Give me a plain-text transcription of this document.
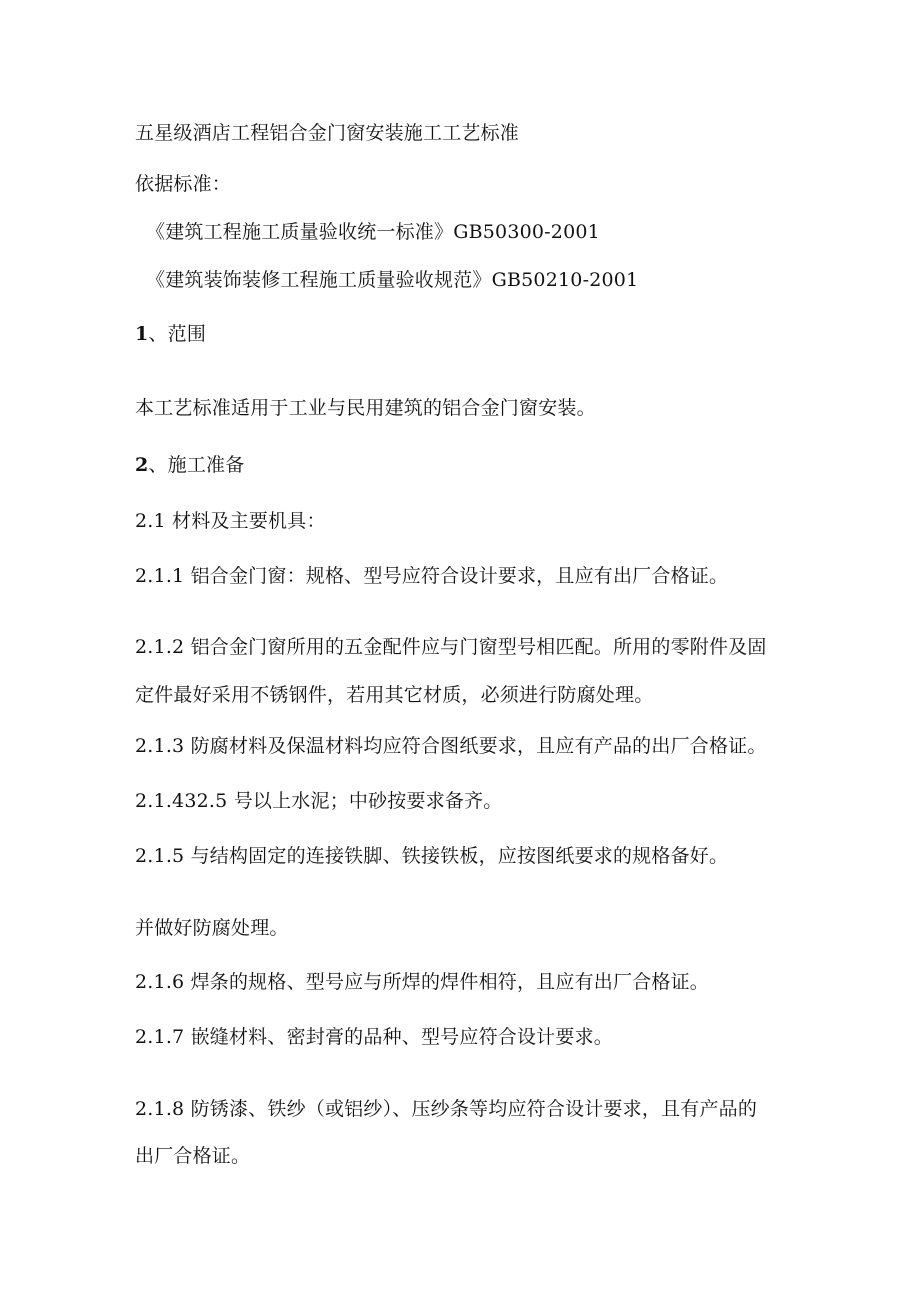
五星级酒店工程铝合金门窗安装施工工艺标准
依据标准：
《建筑工程施工质量验收统一标准》GB50300-2001
《建筑装饰装修工程施工质量验收规范》GB50210-2001
1、范围
本工艺标准适用于工业与民用建筑的铝合金门窗安装。
2、施工准备
2.1 材料及主要机具：
2.1.1 铝合金门窗：规格、型号应符合设计要求，且应有出厂合格证。
2.1.2 铝合金门窗所用的五金配件应与门窗型号相匹配。所用的零附件及固
定件最好采用不锈钢件，若用其它材质，必须进行防腐处理。
2.1.3 防腐材料及保温材料均应符合图纸要求，且应有产品的出厂合格证。
2.1.432.5 号以上水泥；中砂按要求备齐。
2.1.5 与结构固定的连接铁脚、铁接铁板，应按图纸要求的规格备好。
并做好防腐处理。
2.1.6 焊条的规格、型号应与所焊的焊件相符，且应有出厂合格证。
2.1.7 嵌缝材料、密封膏的品种、型号应符合设计要求。
2.1.8 防锈漆、铁纱（或铝纱）、压纱条等均应符合设计要求，且有产品的
出厂合格证。
